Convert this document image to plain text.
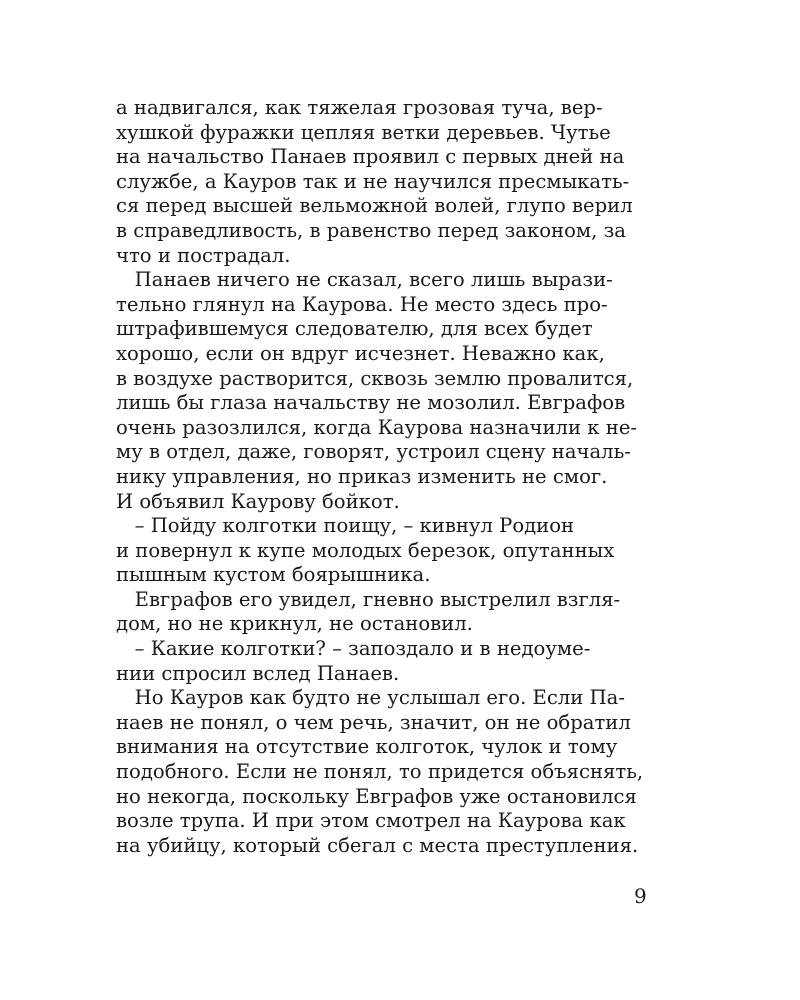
а надвигался, как тяжелая грозовая туча, вер-
хушкой фуражки цепляя ветки деревьев. Чутье
на начальство Панаев проявил с первых дней на
службе, а Кауров так и не научился пресмыкать-
ся перед высшей вельможной волей, глупо верил
в справедливость, в равенство перед законом, за
что и пострадал.
Панаев ничего не сказал, всего лишь вырази-
тельно глянул на Каурова. Не место здесь про-
штрафившемуся следователю, для всех будет
хорошо, если он вдруг исчезнет. Неважно как,
в воздухе растворится, сквозь землю провалится,
лишь бы глаза начальству не мозолил. Евграфов
очень разозлился, когда Каурова назначили к не-
му в отдел, даже, говорят, устроил сцену началь-
нику управления, но приказ изменить не смог.
И объявил Каурову бойкот.
– Пойду колготки поищу, – кивнул Родион
и повернул к купе молодых березок, опутанных
пышным кустом боярышника.
Евграфов его увидел, гневно выстрелил взгля-
дом, но не крикнул, не остановил.
– Какие колготки? – запоздало и в недоуме-
нии спросил вслед Панаев.
Но Кауров как будто не услышал его. Если Па-
наев не понял, о чем речь, значит, он не обратил
внимания на отсутствие колготок, чулок и тому
подобного. Если не понял, то придется объяснять,
но некогда, поскольку Евграфов уже остановился
возле трупа. И при этом смотрел на Каурова как
на убийцу, который сбегал с места преступления.
9
